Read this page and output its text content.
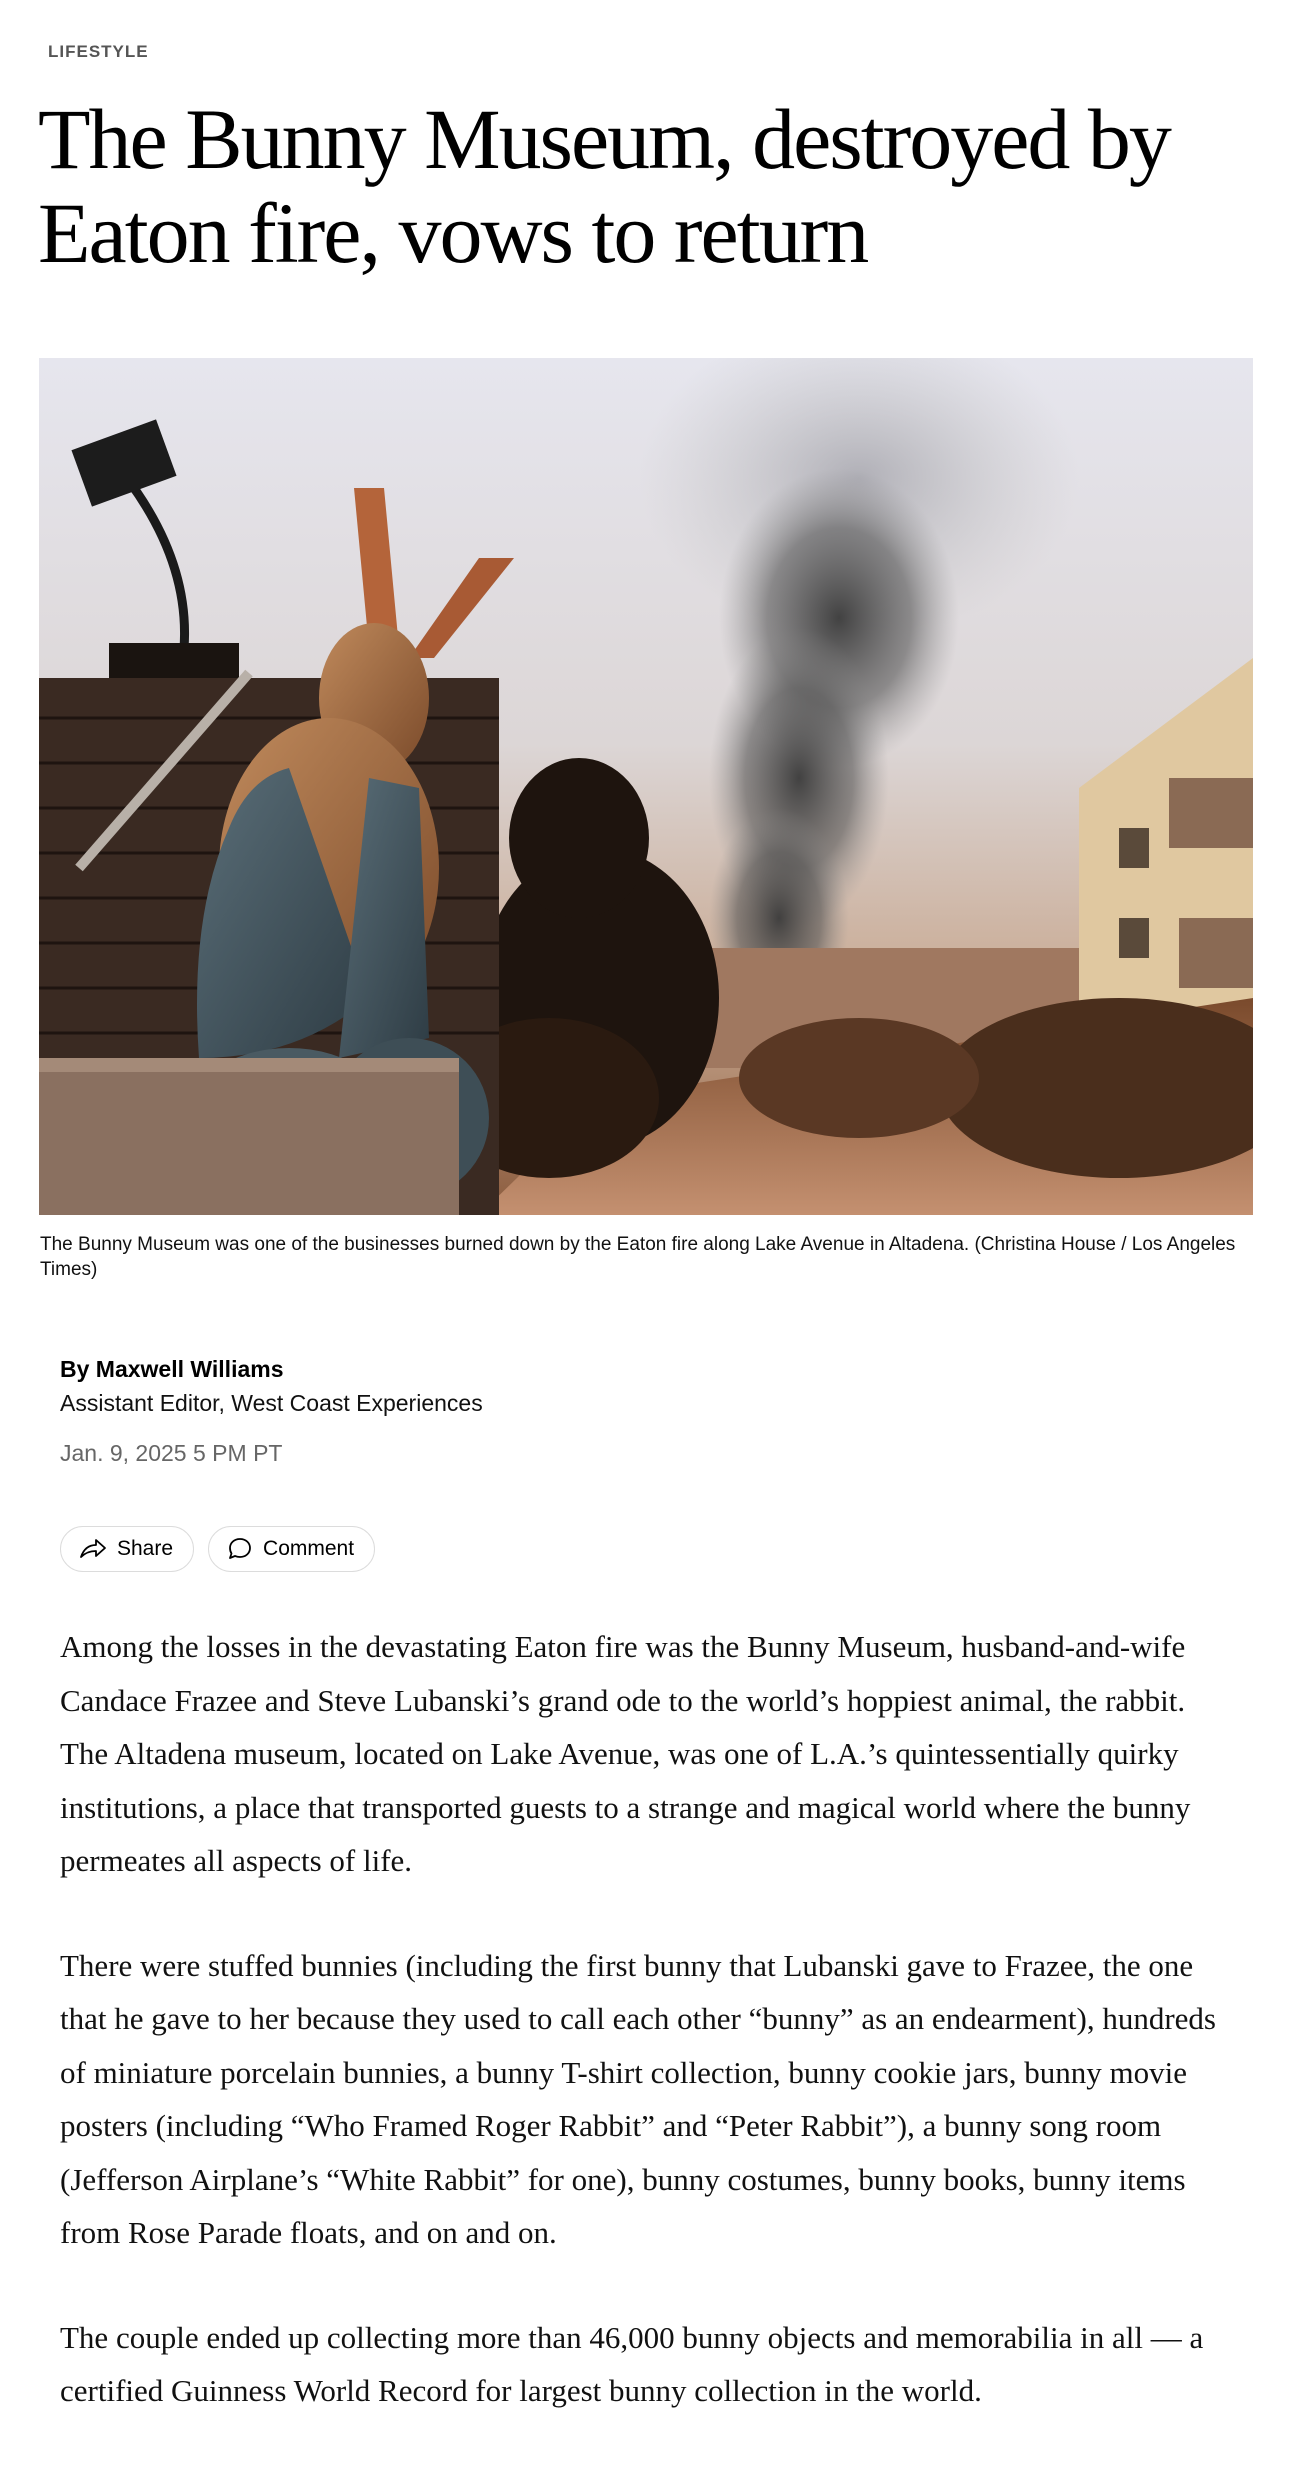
LIFESTYLE
The Bunny Museum, destroyed by Eaton fire, vows to return
The Bunny Museum was one of the businesses burned down by the Eaton fire along Lake Avenue in Altadena. (Christina House / Los Angeles Times)
By Maxwell Williams
Assistant Editor, West Coast Experiences
Jan. 9, 2025 5 PM PT
Share	Comment

Among the losses in the devastating Eaton fire was the Bunny Museum, husband-and-wife Candace Frazee and Steve Lubanski’s grand ode to the world’s hoppiest animal, the rabbit. The Altadena museum, located on Lake Avenue, was one of L.A.’s quintessentially quirky institutions, a place that transported guests to a strange and magical world where the bunny permeates all aspects of life.

There were stuffed bunnies (including the first bunny that Lubanski gave to Frazee, the one that he gave to her because they used to call each other “bunny” as an endearment), hundreds of miniature porcelain bunnies, a bunny T-shirt collection, bunny cookie jars, bunny movie posters (including “Who Framed Roger Rabbit” and “Peter Rabbit”), a bunny song room (Jefferson Airplane’s “White Rabbit” for one), bunny costumes, bunny books, bunny items from Rose Parade floats, and on and on.

The couple ended up collecting more than 46,000 bunny objects and memorabilia in all — a certified Guinness World Record for largest bunny collection in the world.
